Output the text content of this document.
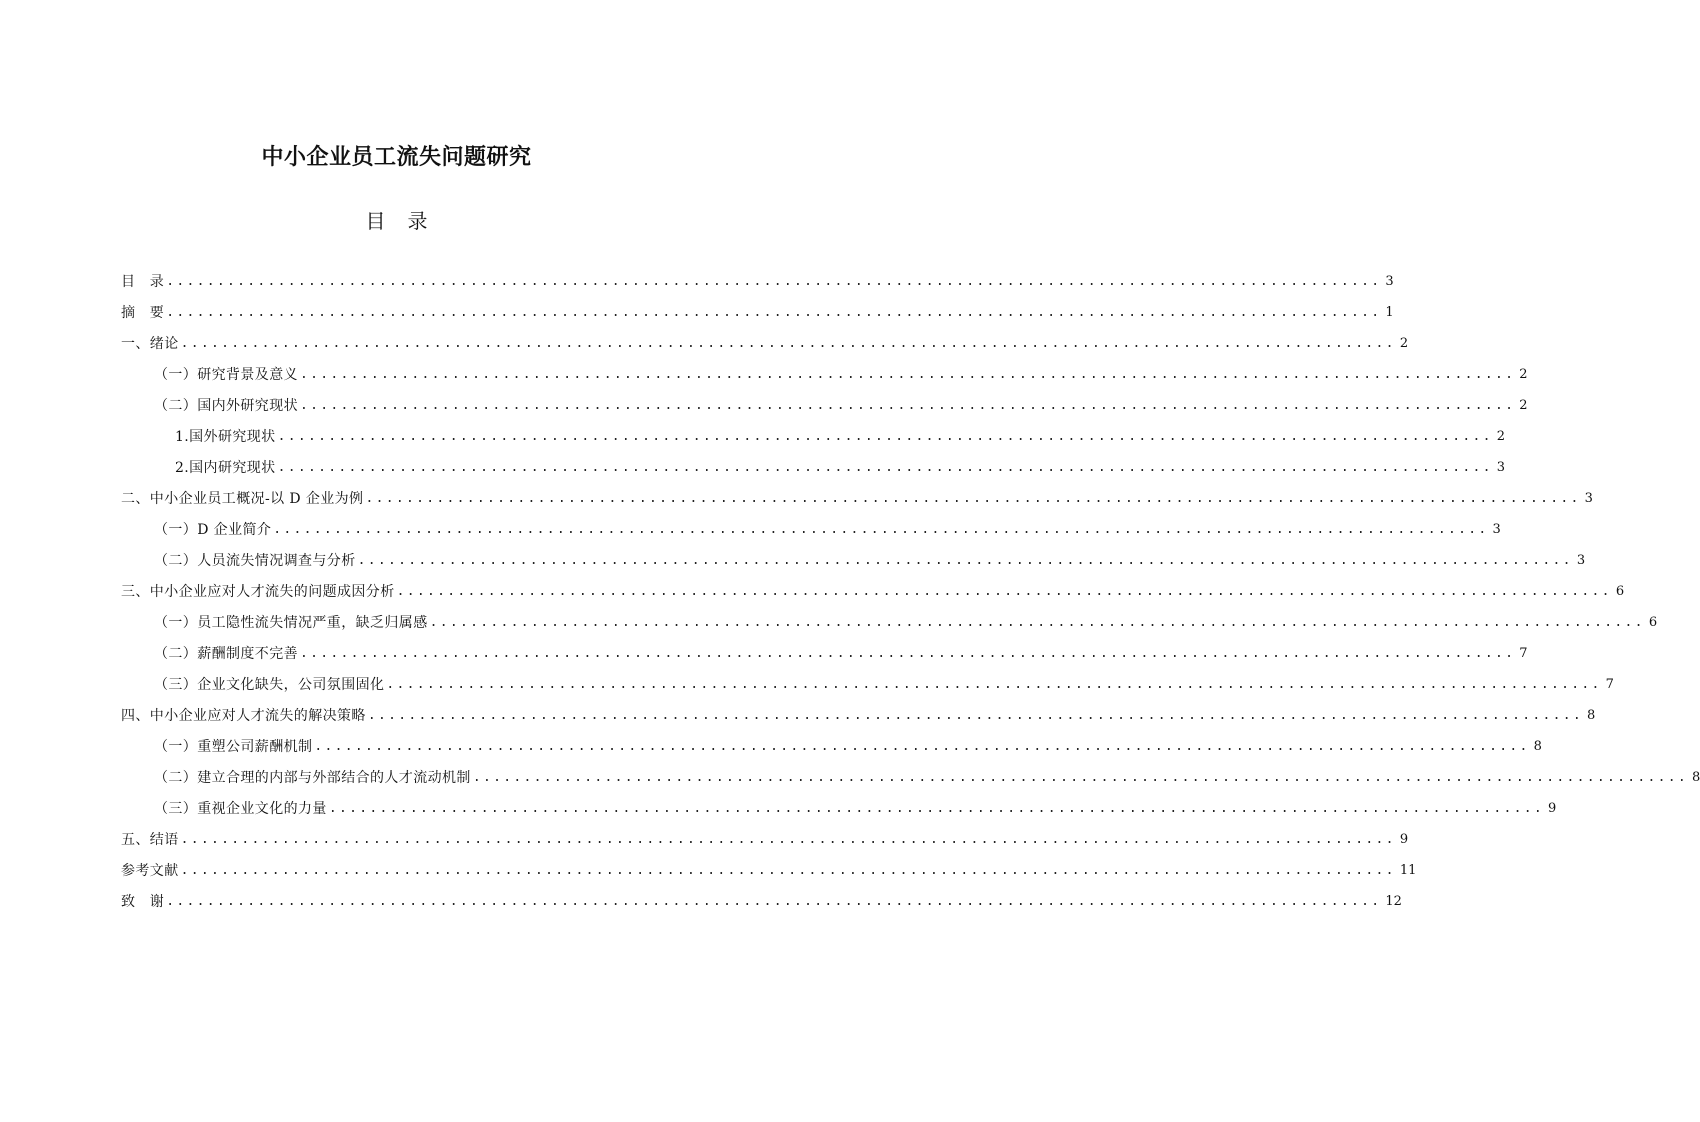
中小企业员工流失问题研究
目 录
目　录 ........................................................................................................................ 3
摘　要 ........................................................................................................................ 1
一、绪论 ........................................................................................................................ 2
（一）研究背景及意义 ........................................................................................................................ 2
（二）国内外研究现状 ........................................................................................................................ 2
1.国外研究现状 ........................................................................................................................ 2
2.国内研究现状 ........................................................................................................................ 3
二、中小企业员工概况-以 D 企业为例 ........................................................................................................................ 3
（一）D 企业简介 ........................................................................................................................ 3
（二）人员流失情况调查与分析 ........................................................................................................................ 3
三、中小企业应对人才流失的问题成因分析 ........................................................................................................................ 6
（一）员工隐性流失情况严重，缺乏归属感 ........................................................................................................................ 6
（二）薪酬制度不完善 ........................................................................................................................ 7
（三）企业文化缺失，公司氛围固化 ........................................................................................................................ 7
四、中小企业应对人才流失的解决策略 ........................................................................................................................ 8
（一）重塑公司薪酬机制 ........................................................................................................................ 8
（二）建立合理的内部与外部结合的人才流动机制 ........................................................................................................................ 8
（三）重视企业文化的力量 ........................................................................................................................ 9
五、结语 ........................................................................................................................ 9
参考文献 ........................................................................................................................ 11
致　谢 ........................................................................................................................ 12
